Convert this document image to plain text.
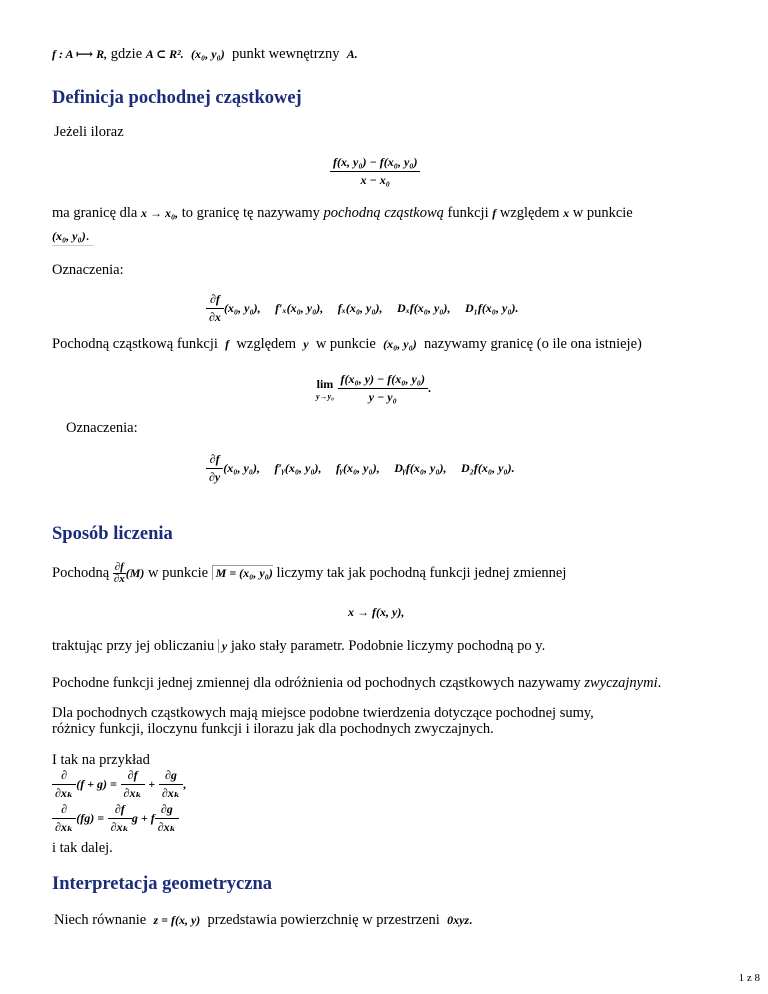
f : A ⟼ R, gdzie A ⊂ R². (x₀, y₀) punkt wewnętrzny A.
Definicja pochodnej cząstkowej
Jeżeli iloraz
$\frac{\text{f(x, y₀) − f(x₀, y₀)}}{\text{x − x₀}}$
ma granicę dla x → x₀, to granicę tę nazywamy pochodną cząstkową funkcji f względem x w punkcie
(x₀, y₀).
Oznaczenia:
$\frac{\partial f}{\partial x} (x_0$, y₀), f′ₓ(x₀, y₀), fₓ(x₀, y₀), Dₓf(x₀, y₀), D₁f(x₀, y₀).
Pochodną cząstkową funkcji f względem y w punkcie (x₀, y₀) nazywamy granicę (o ile ona istnieje)
lim
y→y₀
$\frac{\text{f(x₀, y) − f(x₀, y₀)}}{\text{y − y₀}}$ .
Oznaczenia:
$\frac{\partial f}{\partial y} (x_0$, y₀), f′ᵧ(x₀, y₀), fᵧ(x₀, y₀), Dᵧf(x₀, y₀), D₂f(x₀, y₀).
Sposób liczenia
Pochodną $\frac{\partial f}{\partial x} (M)$ w punkcie M = (x₀, y₀) liczymy tak jak pochodną funkcji jednej zmiennej
x → f(x, y),
traktując przy jej obliczaniu y jako stały parametr. Podobnie liczymy pochodną po y.
Pochodne funkcji jednej zmiennej dla odróżnienia od pochodnych cząstkowych nazywamy zwyczajnymi.
Dla pochodnych cząstkowych mają miejsce podobne twierdzenia dotyczące pochodnej sumy,
różnicy funkcji, iloczynu funkcji i ilorazu jak dla pochodnych zwyczajnych.
I tak na przykład
$\frac{\partial}{\text{∂xₖ}} (f + g) = \frac{\partial f}{\text{∂xₖ}} + \frac{\partial g}{\text{∂xₖ}}$ ,
$\frac{\partial}{\text{∂xₖ}} (fg) = \frac{\partial f}{\text{∂xₖ}}$ g + f $\frac{\partial g}{\text{∂xₖ}}$
i tak dalej.
Interpretacja geometryczna
Niech równanie z = f(x, y) przedstawia powierzchnię w przestrzeni 0xyz.
1 z 8
